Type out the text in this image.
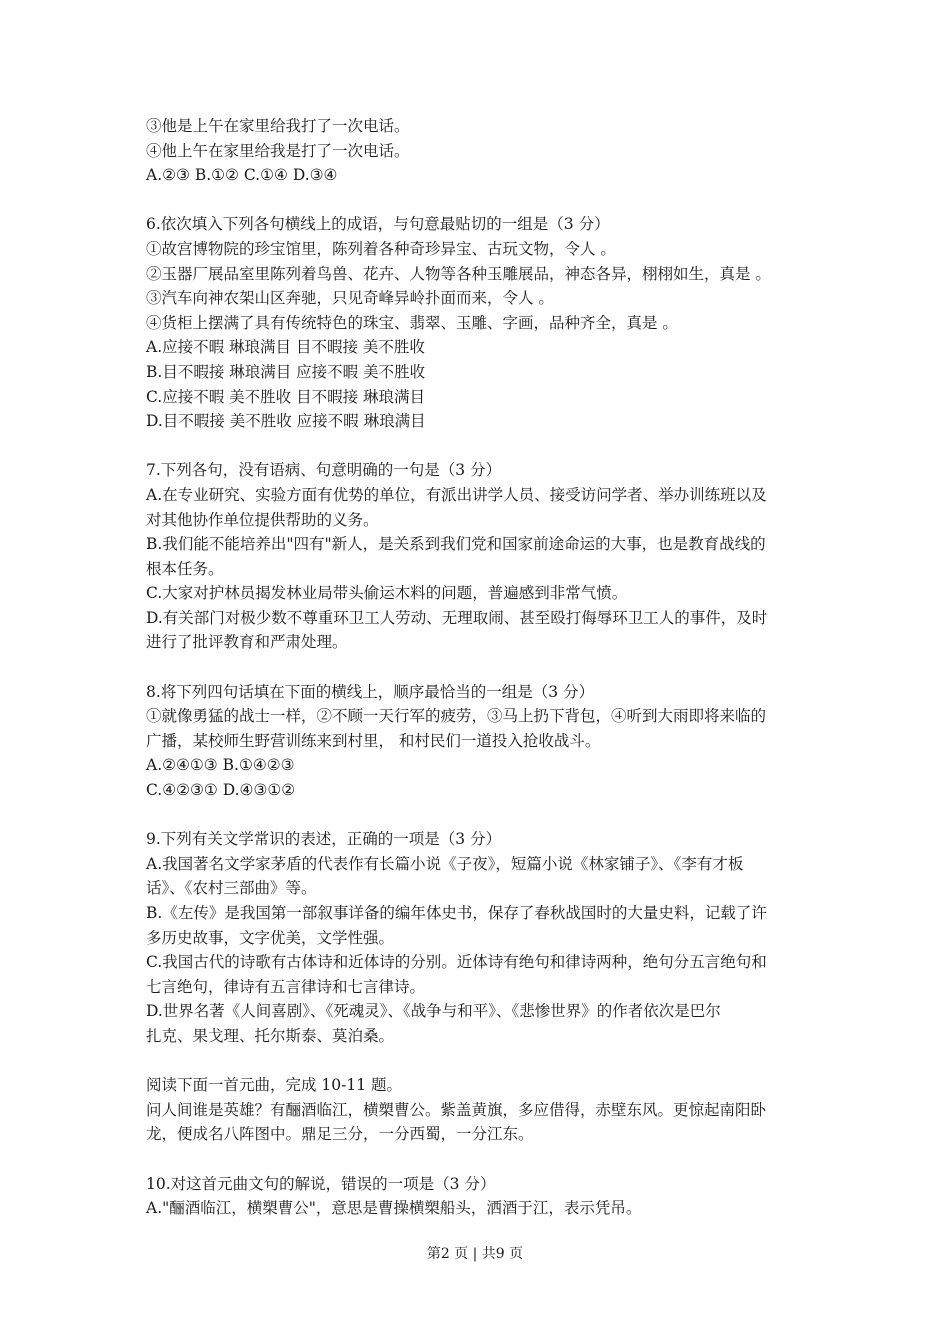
③他是上午在家里给我打了一次电话。
④他上午在家里给我是打了一次电话。
A.②③ B.①② C.①④ D.③④
6.依次填入下列各句横线上的成语，与句意最贴切的一组是（3 分）
①故宫博物院的珍宝馆里，陈列着各种奇珍异宝、古玩文物，令人 。
②玉器厂展品室里陈列着鸟兽、花卉、人物等各种玉雕展品，神态各异，栩栩如生，真是 。
③汽车向神农架山区奔驰，只见奇峰异岭扑面而来，令人 。
④货柜上摆满了具有传统特色的珠宝、翡翠、玉雕、字画，品种齐全，真是 。
A.应接不暇 琳琅满目 目不暇接 美不胜收
B.目不暇接 琳琅满目 应接不暇 美不胜收
C.应接不暇 美不胜收 目不暇接 琳琅满目
D.目不暇接 美不胜收 应接不暇 琳琅满目
7.下列各句，没有语病、句意明确的一句是（3 分）
A.在专业研究、实验方面有优势的单位，有派出讲学人员、接受访问学者、举办训练班以及
对其他协作单位提供帮助的义务。
B.我们能不能培养出"四有"新人，是关系到我们党和国家前途命运的大事，也是教育战线的
根本任务。
C.大家对护林员揭发林业局带头偷运木料的问题，普遍感到非常气愤。
D.有关部门对极少数不尊重环卫工人劳动、无理取闹、甚至殴打侮辱环卫工人的事件，及时
进行了批评教育和严肃处理。
8.将下列四句话填在下面的横线上，顺序最恰当的一组是（3 分）
①就像勇猛的战士一样，②不顾一天行军的疲劳，③马上扔下背包，④听到大雨即将来临的
广播，某校师生野营训练来到村里， 和村民们一道投入抢收战斗。
A.②④①③ B.①④②③
C.④②③① D.④③①②
9.下列有关文学常识的表述，正确的一项是（3 分）
A.我国著名文学家茅盾的代表作有长篇小说《子夜》，短篇小说《林家铺子》、《李有才板
话》、《农村三部曲》等。
B.《左传》是我国第一部叙事详备的编年体史书，保存了春秋战国时的大量史料，记载了许
多历史故事，文字优美，文学性强。
C.我国古代的诗歌有古体诗和近体诗的分别。近体诗有绝句和律诗两种，绝句分五言绝句和
七言绝句，律诗有五言律诗和七言律诗。
D.世界名著《人间喜剧》、《死魂灵》、《战争与和平》、《悲惨世界》的作者依次是巴尔
扎克、果戈理、托尔斯泰、莫泊桑。
阅读下面一首元曲，完成 10-11 题。
问人间谁是英雄？有酾酒临江，横槊曹公。紫盖黄旗，多应借得，赤壁东风。更惊起南阳卧
龙，便成名八阵图中。鼎足三分，一分西蜀，一分江东。
10.对这首元曲文句的解说，错误的一项是（3 分）
A."酾酒临江，横槊曹公"，意思是曹操横槊船头，洒酒于江，表示凭吊。
第2 页 | 共9 页
